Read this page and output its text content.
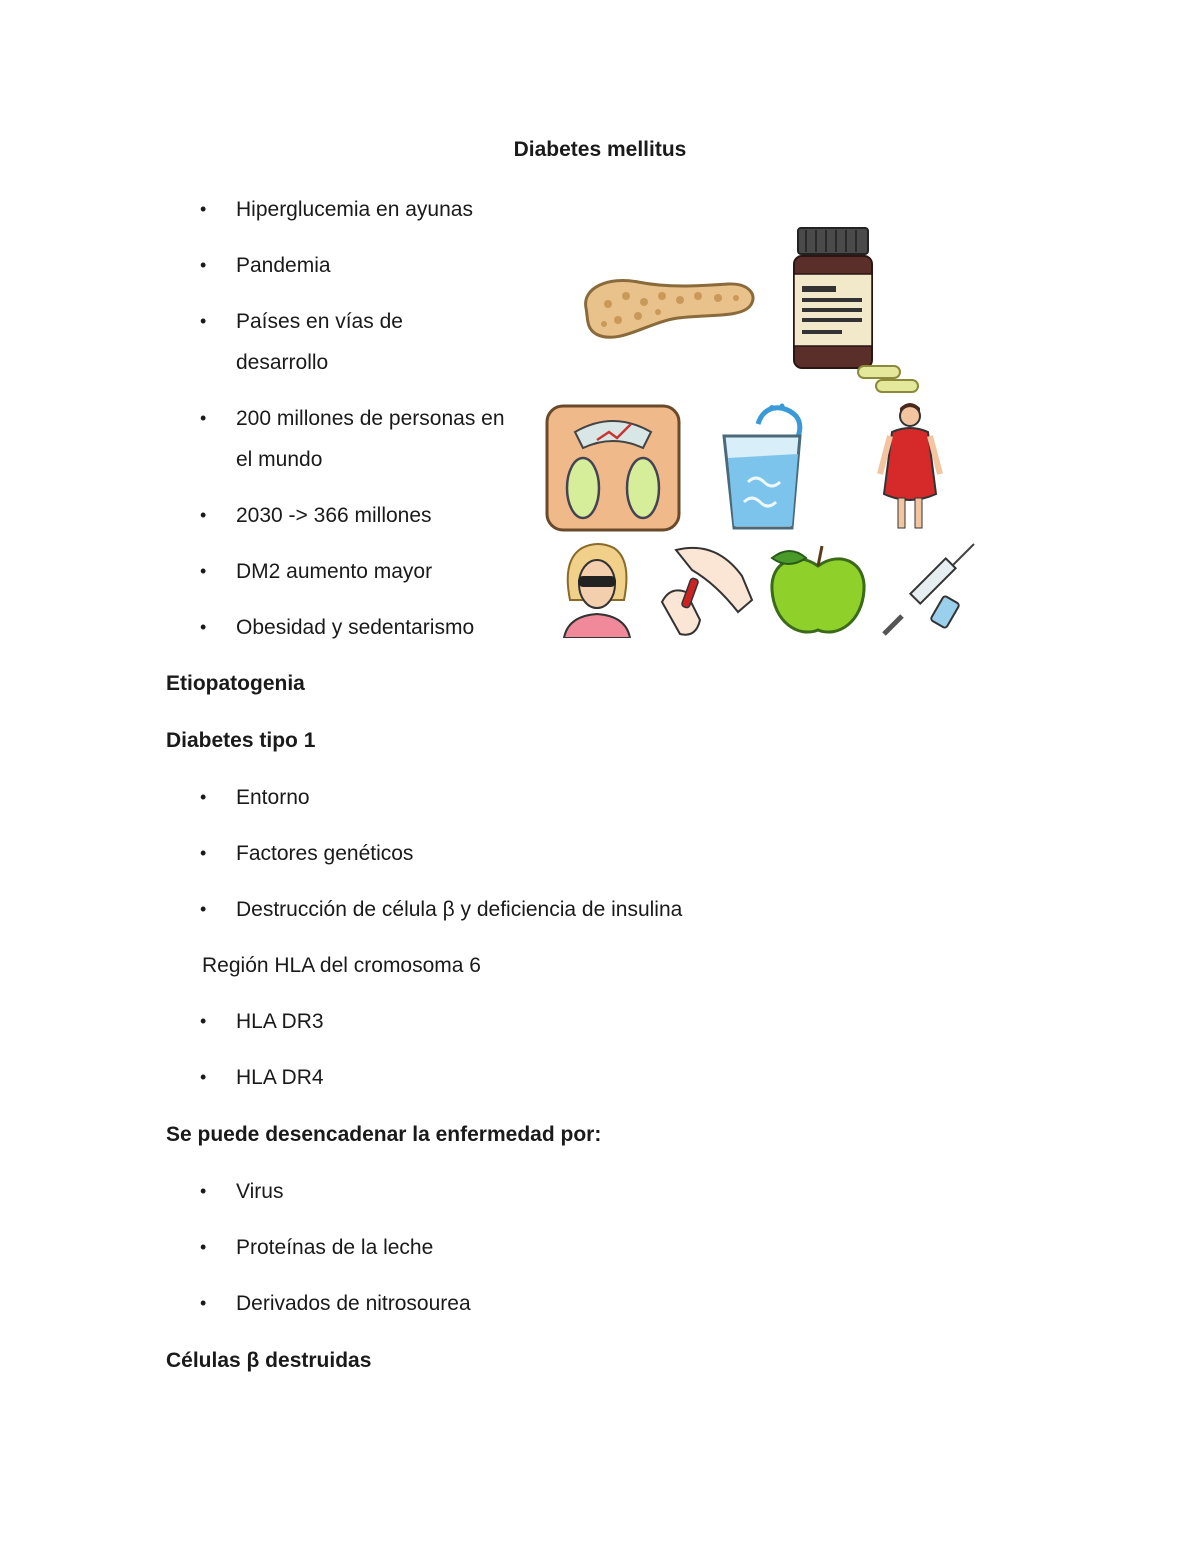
Diabetes mellitus
• Hiperglucemia en ayunas
• Pandemia
• Países en vías de desarrollo
• 200 millones de personas en el mundo
• 2030 -> 366 millones
• DM2 aumento mayor
• Obesidad y sedentarismo
Etiopatogenia
Diabetes tipo 1
• Entorno
• Factores genéticos
• Destrucción de célula β y deficiencia de insulina
Región HLA del cromosoma 6
• HLA DR3
• HLA DR4
Se puede desencadenar la enfermedad por:
• Virus
• Proteínas de la leche
• Derivados de nitrosourea
Células β destruidas
